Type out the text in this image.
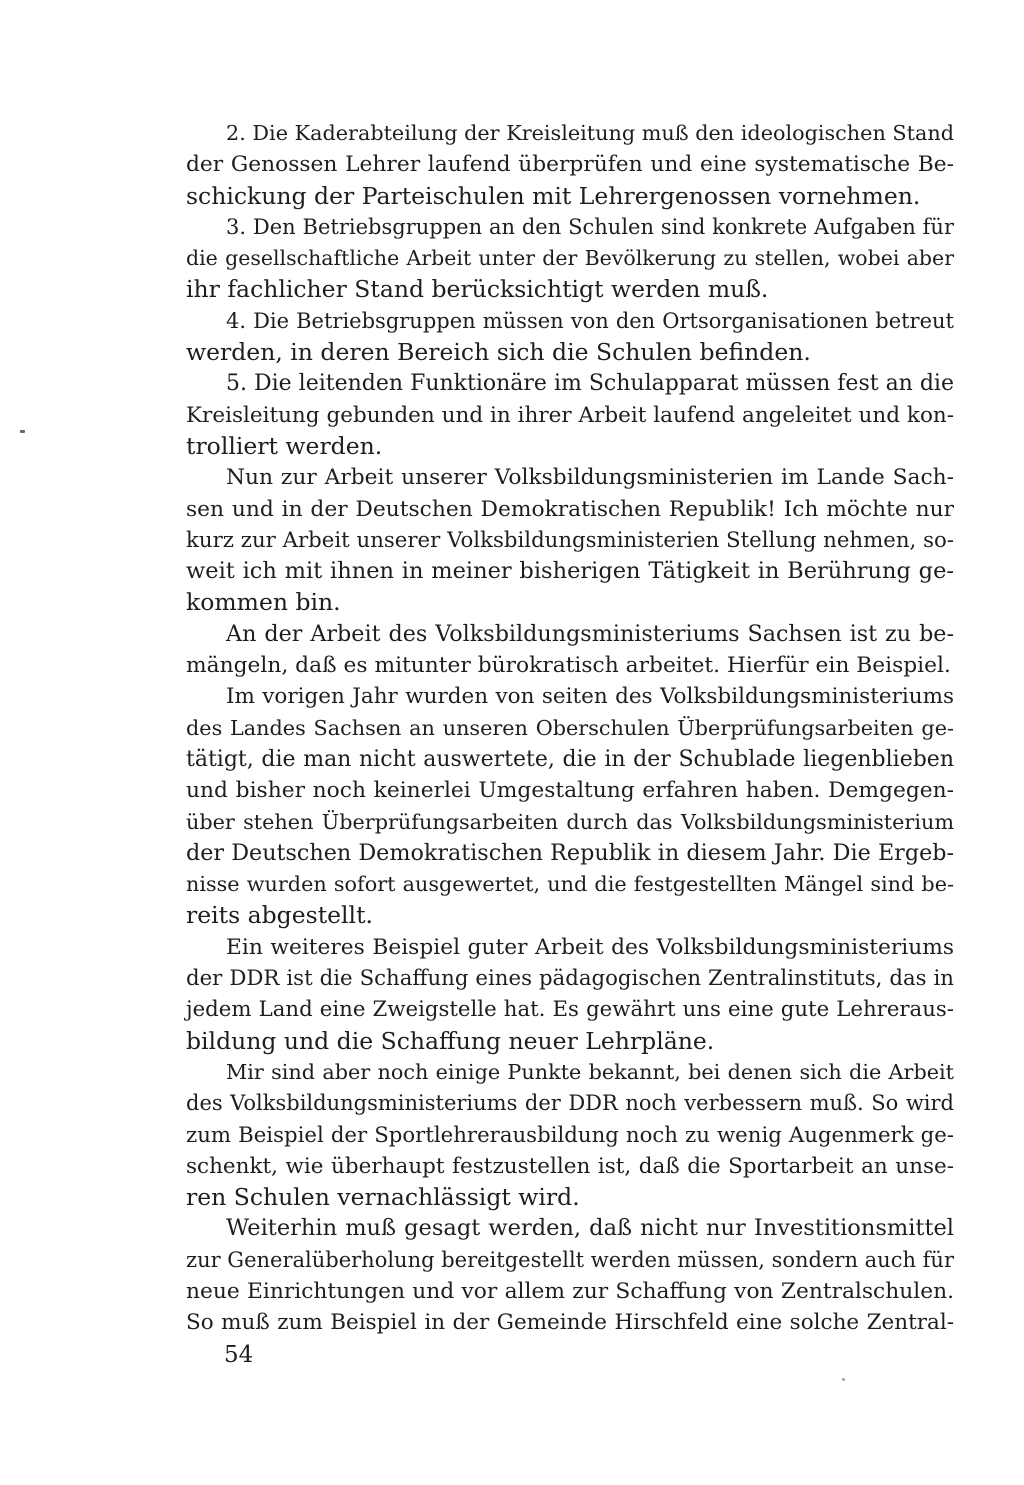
2. Die Kaderabteilung der Kreisleitung muß den ideologischen Stand
der Genossen Lehrer laufend überprüfen und eine systematische Be-
schickung der Parteischulen mit Lehrergenossen vornehmen.
3. Den Betriebsgruppen an den Schulen sind konkrete Aufgaben für
die gesellschaftliche Arbeit unter der Bevölkerung zu stellen, wobei aber
ihr fachlicher Stand berücksichtigt werden muß.
4. Die Betriebsgruppen müssen von den Ortsorganisationen betreut
werden, in deren Bereich sich die Schulen befinden.
5. Die leitenden Funktionäre im Schulapparat müssen fest an die
Kreisleitung gebunden und in ihrer Arbeit laufend angeleitet und kon-
trolliert werden.
Nun zur Arbeit unserer Volksbildungsministerien im Lande Sach-
sen und in der Deutschen Demokratischen Republik! Ich möchte nur
kurz zur Arbeit unserer Volksbildungsministerien Stellung nehmen, so-
weit ich mit ihnen in meiner bisherigen Tätigkeit in Berührung ge-
kommen bin.
An der Arbeit des Volksbildungsministeriums Sachsen ist zu be-
mängeln, daß es mitunter bürokratisch arbeitet. Hierfür ein Beispiel.
Im vorigen Jahr wurden von seiten des Volksbildungsministeriums
des Landes Sachsen an unseren Oberschulen Überprüfungsarbeiten ge-
tätigt, die man nicht auswertete, die in der Schublade liegenblieben
und bisher noch keinerlei Umgestaltung erfahren haben. Demgegen-
über stehen Überprüfungsarbeiten durch das Volksbildungsministerium
der Deutschen Demokratischen Republik in diesem Jahr. Die Ergeb-
nisse wurden sofort ausgewertet, und die festgestellten Mängel sind be-
reits abgestellt.
Ein weiteres Beispiel guter Arbeit des Volksbildungsministeriums
der DDR ist die Schaffung eines pädagogischen Zentralinstituts, das in
jedem Land eine Zweigstelle hat. Es gewährt uns eine gute Lehreraus-
bildung und die Schaffung neuer Lehrpläne.
Mir sind aber noch einige Punkte bekannt, bei denen sich die Arbeit
des Volksbildungsministeriums der DDR noch verbessern muß. So wird
zum Beispiel der Sportlehrerausbildung noch zu wenig Augenmerk ge-
schenkt, wie überhaupt festzustellen ist, daß die Sportarbeit an unse-
ren Schulen vernachlässigt wird.
Weiterhin muß gesagt werden, daß nicht nur Investitionsmittel
zur Generalüberholung bereitgestellt werden müssen, sondern auch für
neue Einrichtungen und vor allem zur Schaffung von Zentralschulen.
So muß zum Beispiel in der Gemeinde Hirschfeld eine solche Zentral-
54
